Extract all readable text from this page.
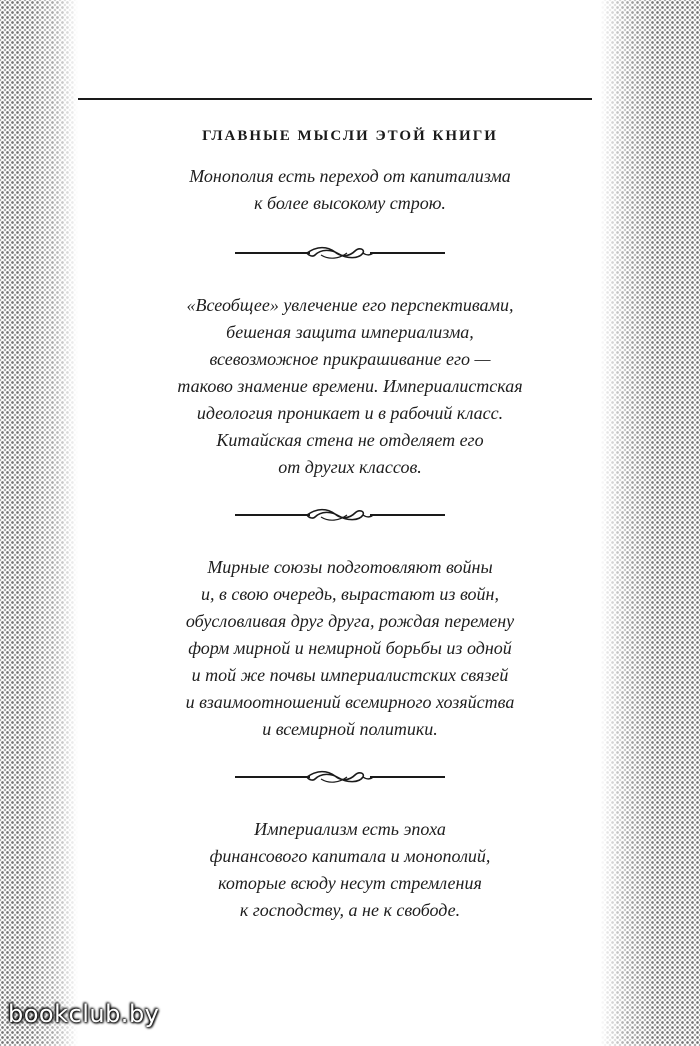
ГЛАВНЫЕ МЫСЛИ ЭТОЙ КНИГИ
Монополия есть переход от капитализма
к более высокому строю.
«Всеобщее» увлечение его перспективами,
бешеная защита империализма,
всевозможное прикрашивание его —
таково знамение времени. Империалистская
идеология проникает и в рабочий класс.
Китайская стена не отделяет его
от других классов.
Мирные союзы подготовляют войны
и, в свою очередь, вырастают из войн,
обусловливая друг друга, рождая перемену
форм мирной и немирной борьбы из одной
и той же почвы империалистских связей
и взаимоотношений всемирного хозяйства
и всемирной политики.
Империализм есть эпоха
финансового капитала и монополий,
которые всюду несут стремления
к господству, а не к свободе.
bookclub.by
